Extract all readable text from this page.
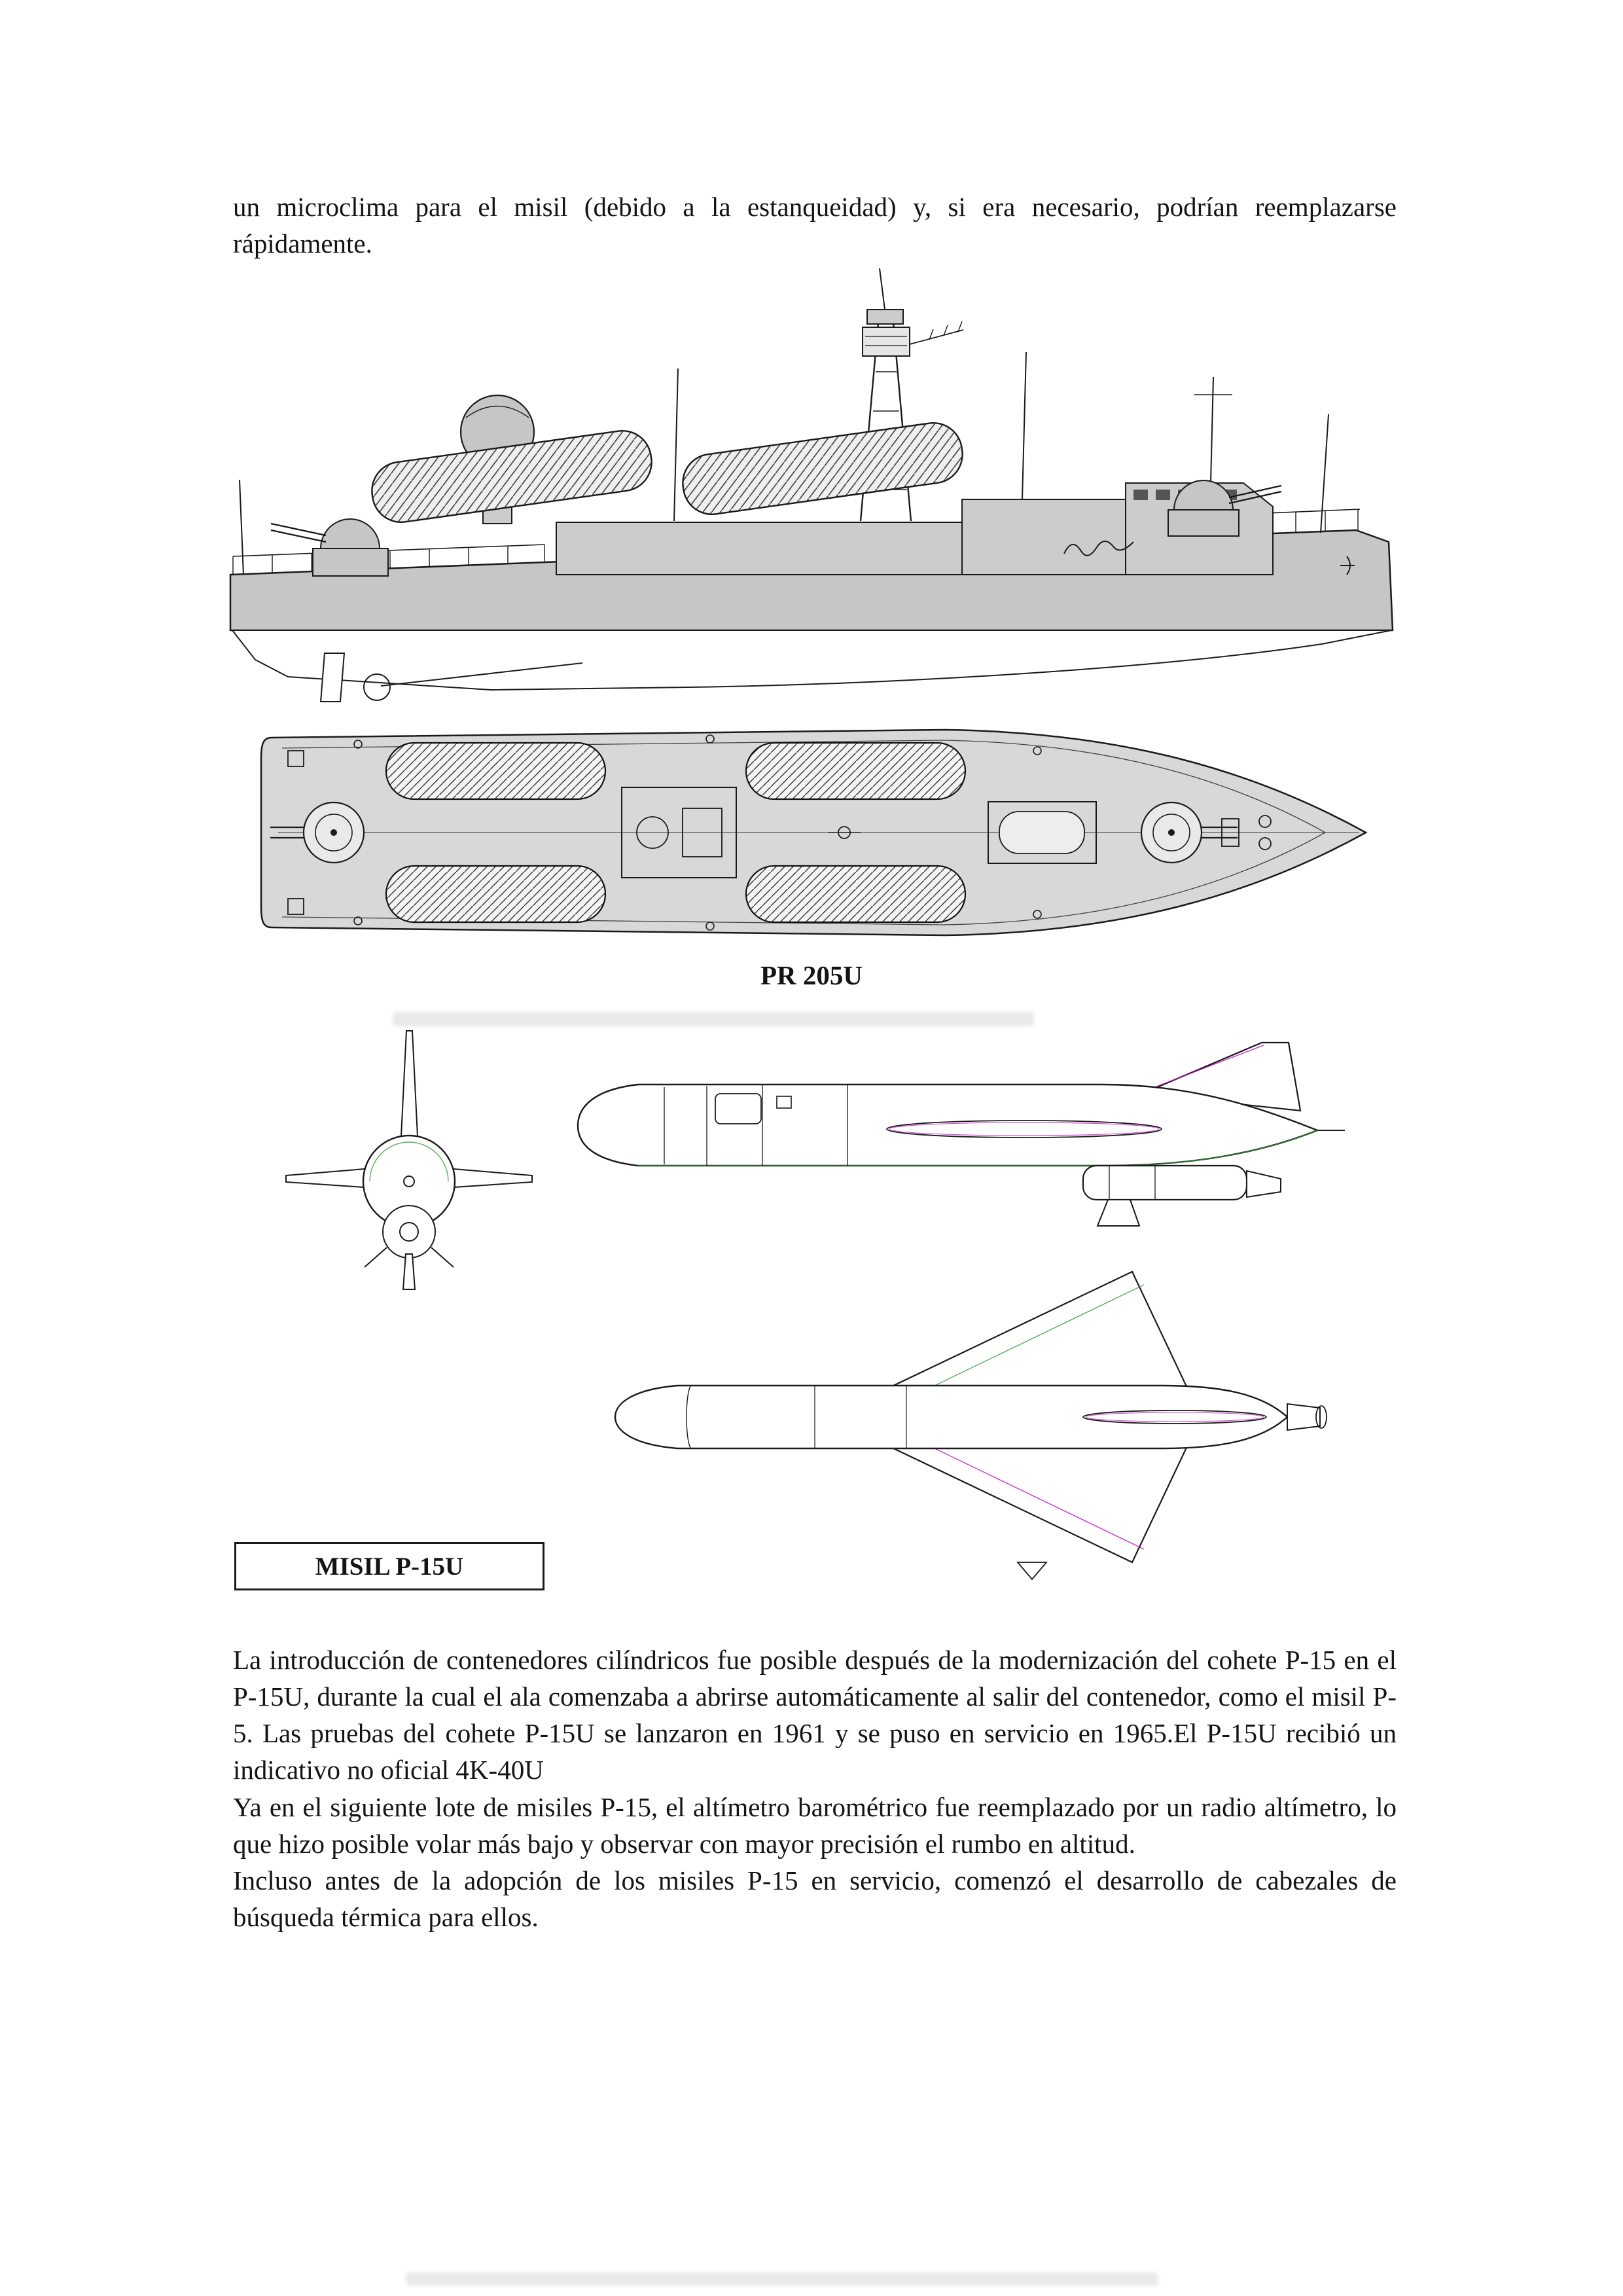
un microclima para el misil (debido a la estanqueidad) y, si era necesario, podrían reemplazarse rápidamente.

PR 205U
MISIL P-15U

La introducción de contenedores cilíndricos fue posible después de la modernización del cohete P-15 en el P-15U, durante la cual el ala comenzaba a abrirse automáticamente al salir del contenedor, como el misil P-5. Las pruebas del cohete P-15U se lanzaron en 1961 y se puso en servicio en 1965.El P-15U recibió un indicativo no oficial 4K-40U

Ya en el siguiente lote de misiles P-15, el altímetro barométrico fue reemplazado por un radio altímetro, lo que hizo posible volar más bajo y observar con mayor precisión el rumbo en altitud.

Incluso antes de la adopción de los misiles P-15 en servicio, comenzó el desarrollo de cabezales de búsqueda térmica para ellos.
